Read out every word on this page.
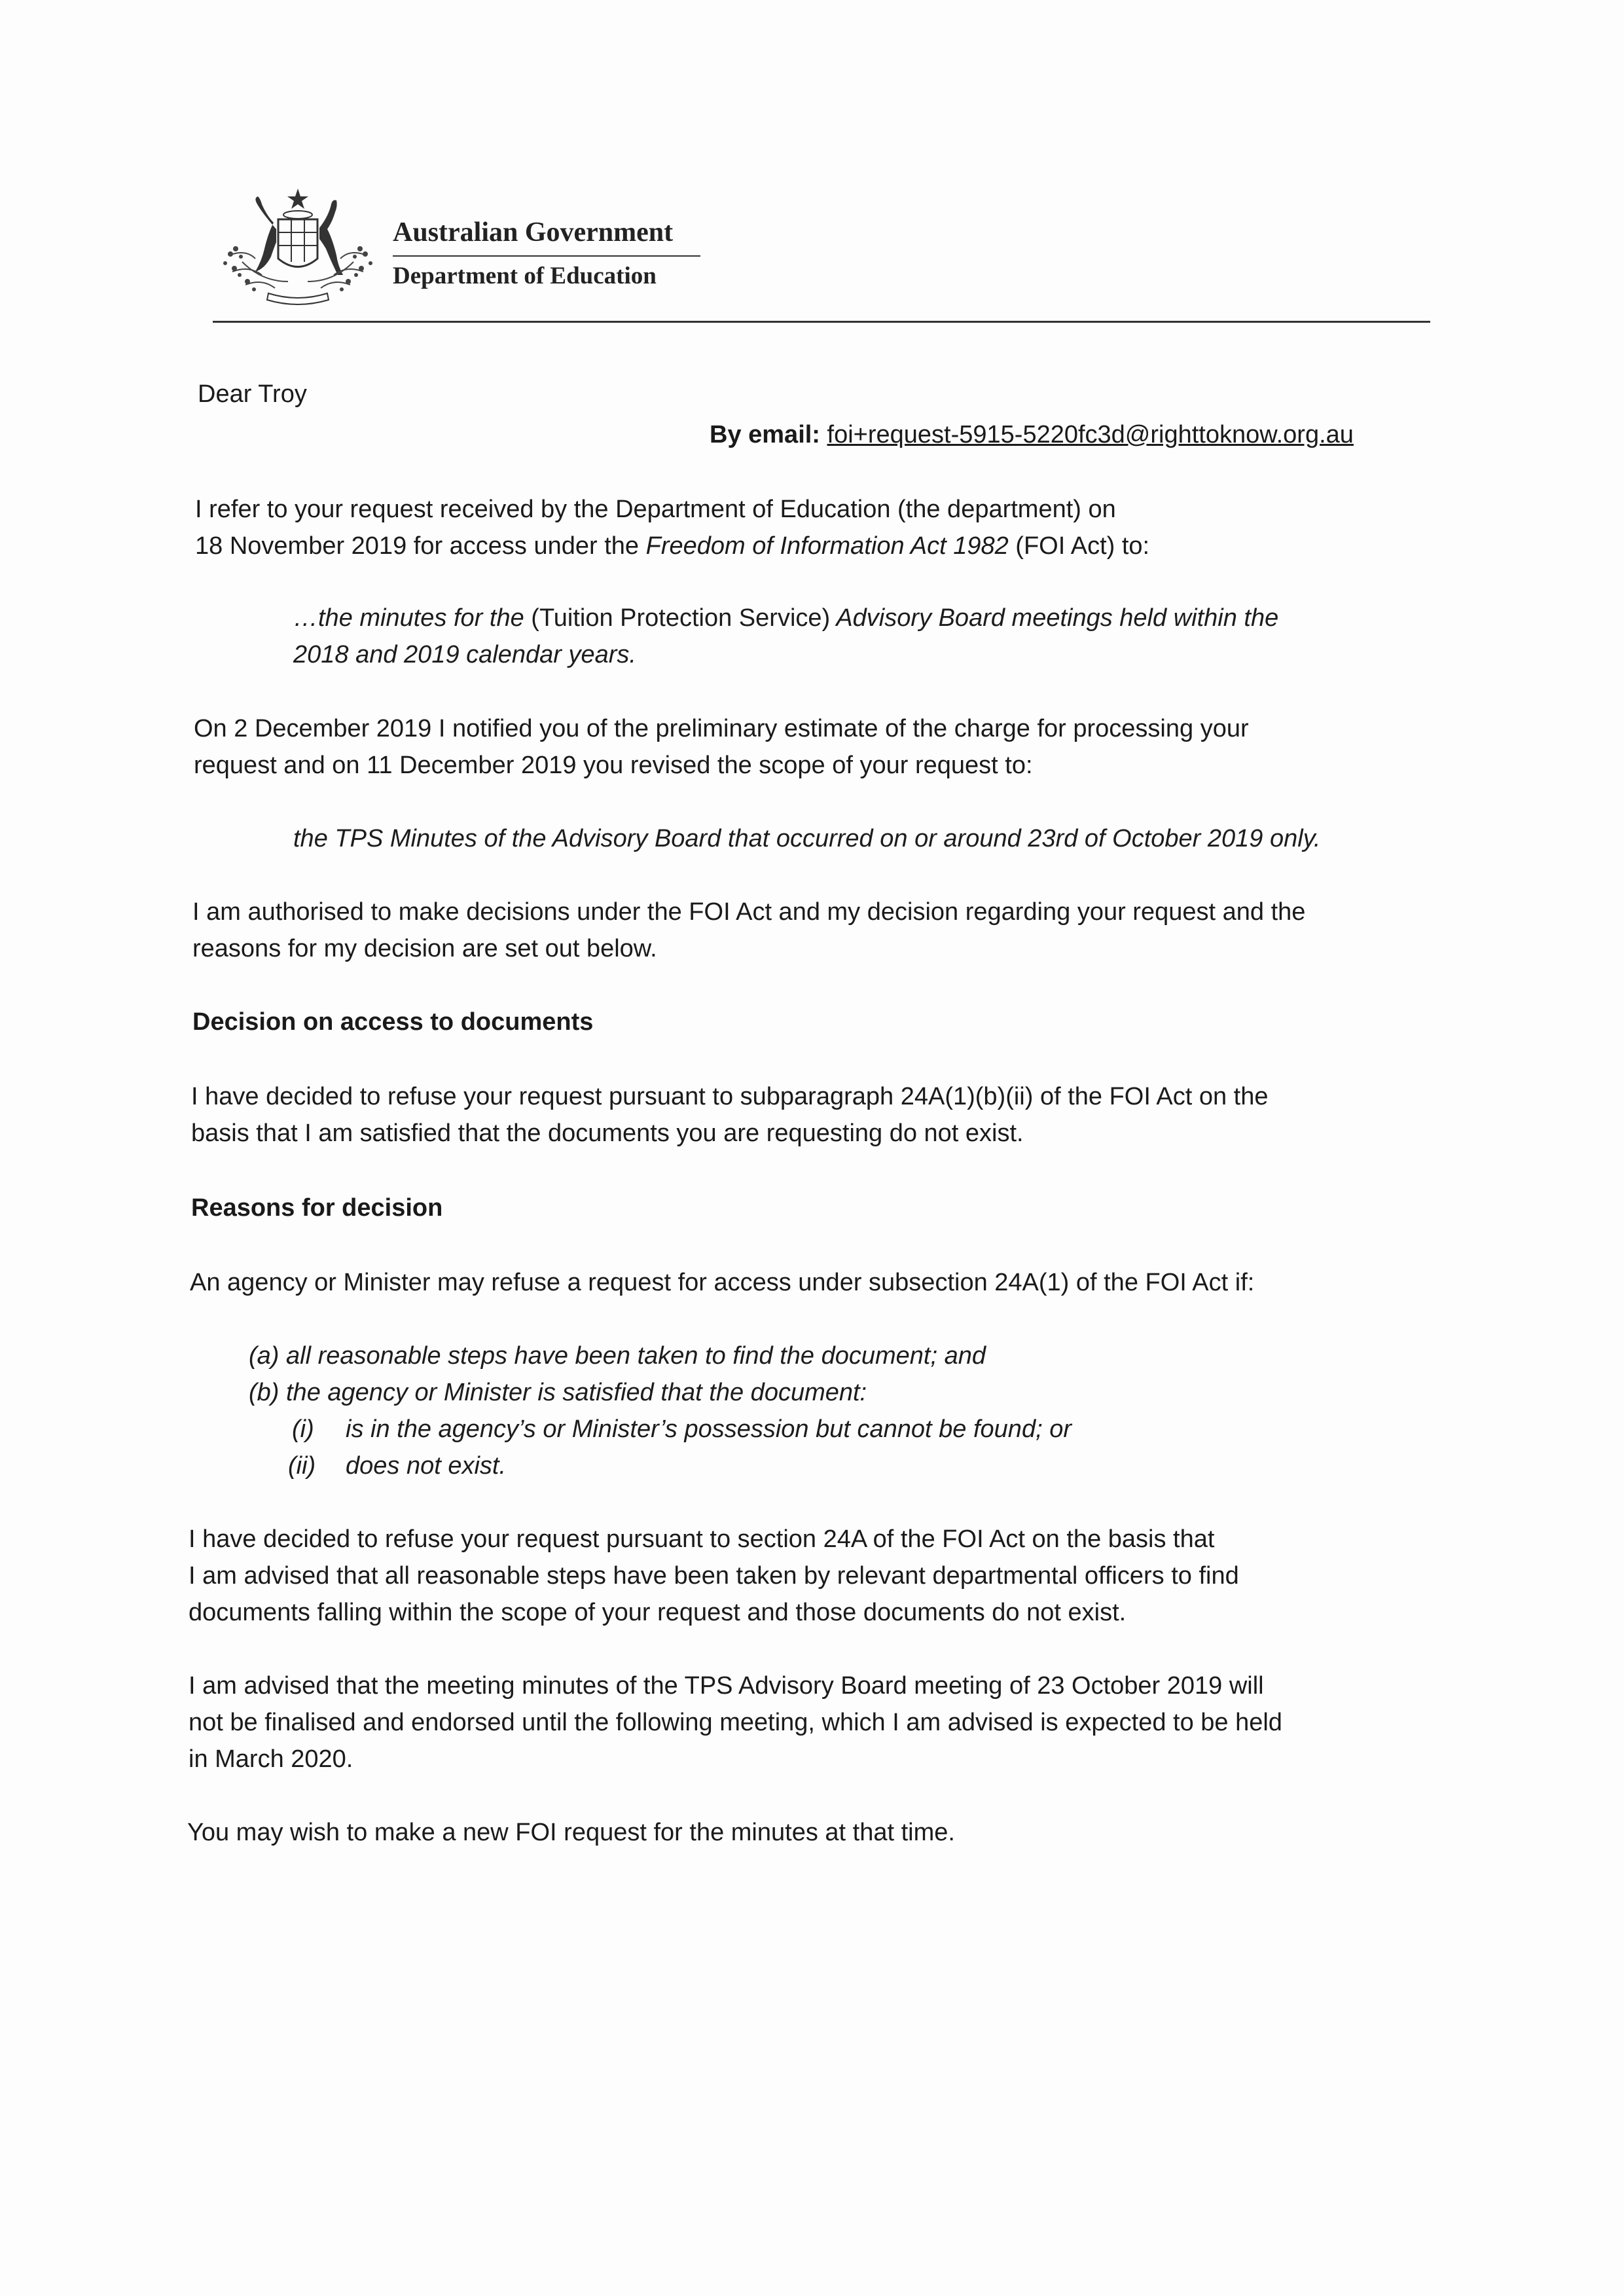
Australian Government
Department of Education
Dear Troy
By email: foi+request-5915-5220fc3d@righttoknow.org.au
I refer to your request received by the Department of Education (the department) on
18 November 2019 for access under the Freedom of Information Act 1982 (FOI Act) to:
…the minutes for the (Tuition Protection Service) Advisory Board meetings held within the
2018 and 2019 calendar years.
On 2 December 2019 I notified you of the preliminary estimate of the charge for processing your
request and on 11 December 2019 you revised the scope of your request to:
the TPS Minutes of the Advisory Board that occurred on or around 23rd of October 2019 only.
I am authorised to make decisions under the FOI Act and my decision regarding your request and the
reasons for my decision are set out below.
Decision on access to documents
I have decided to refuse your request pursuant to subparagraph 24A(1)(b)(ii) of the FOI Act on the
basis that I am satisfied that the documents you are requesting do not exist.
Reasons for decision
An agency or Minister may refuse a request for access under subsection 24A(1) of the FOI Act if:
(a) all reasonable steps have been taken to find the document; and
(b) the agency or Minister is satisfied that the document:
(i) is in the agency’s or Minister’s possession but cannot be found; or
(ii) does not exist.
I have decided to refuse your request pursuant to section 24A of the FOI Act on the basis that
I am advised that all reasonable steps have been taken by relevant departmental officers to find
documents falling within the scope of your request and those documents do not exist.
I am advised that the meeting minutes of the TPS Advisory Board meeting of 23 October 2019 will
not be finalised and endorsed until the following meeting, which I am advised is expected to be held
in March 2020.
You may wish to make a new FOI request for the minutes at that time.
